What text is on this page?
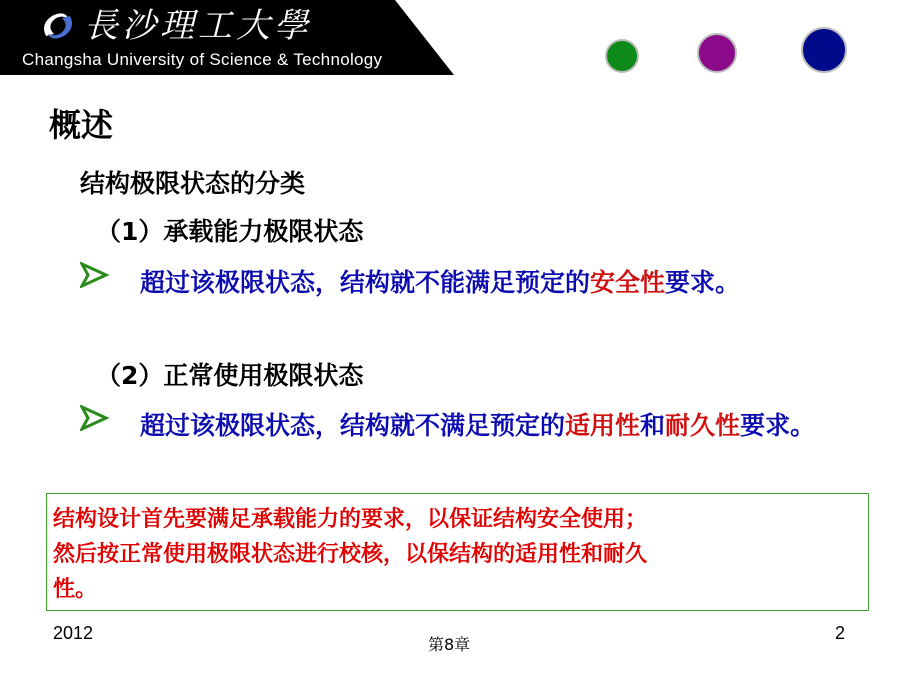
長沙理工大學
Changsha University of Science & Technology
概述
结构极限状态的分类
（1）承载能力极限状态
超过该极限状态，结构就不能满足预定的安全性要求。
（2）正常使用极限状态
超过该极限状态，结构就不满足预定的适用性和耐久性要求。
结构设计首先要满足承载能力的要求，以保证结构安全使用；
然后按正常使用极限状态进行校核，以保结构的适用性和耐久
性。
2012
第8章
2
